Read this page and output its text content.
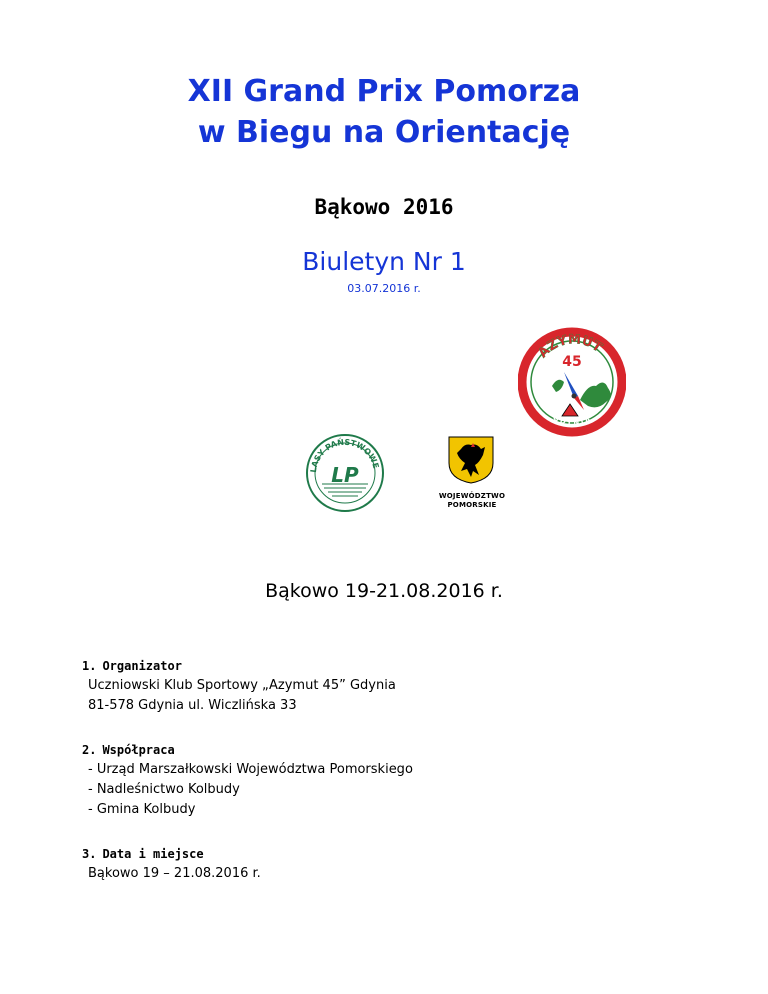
XII Grand Prix Pomorza
w Biegu na Orientację
Bąkowo 2016
Biuletyn Nr 1
03.07.2016 r.
AZYMUT
45
GDYNIA
LASY PAŃSTWOWE
LP
WOJEWÓDZTWO
POMORSKIE
Bąkowo 19-21.08.2016 r.
1. Organizator
Uczniowski Klub Sportowy „Azymut 45” Gdynia
81-578 Gdynia ul. Wiczlińska 33
2. Współpraca
- Urząd Marszałkowski Województwa Pomorskiego
- Nadleśnictwo Kolbudy
- Gmina Kolbudy
3. Data i miejsce
Bąkowo 19 – 21.08.2016 r.
